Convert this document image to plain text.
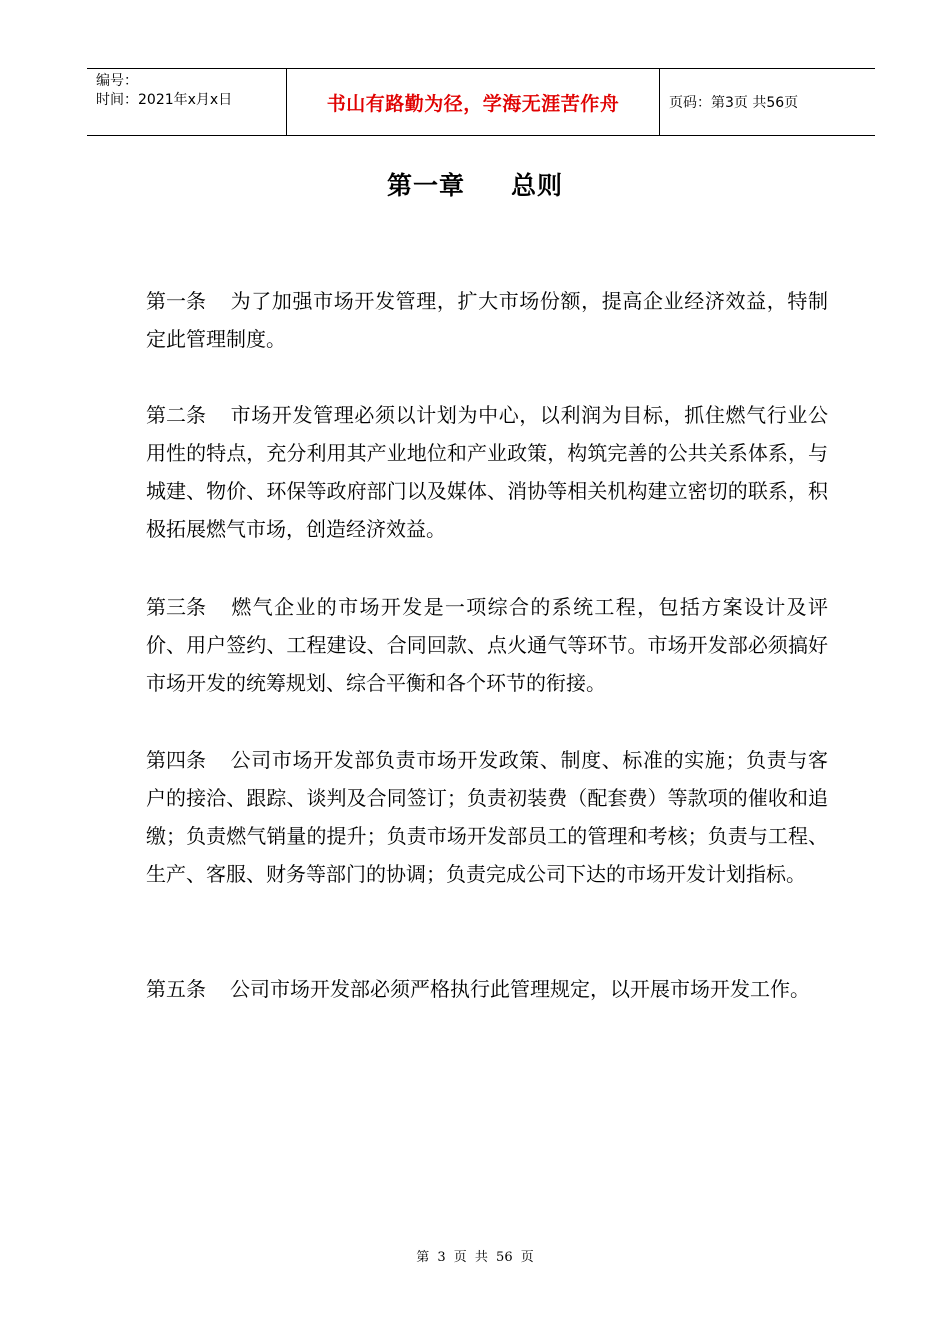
编号：
时间：2021年x月x日	书山有路勤为径，学海无涯苦作舟	页码：第3页 共56页
第一章 总则
第一条 为了加强市场开发管理，扩大市场份额，提高企业经济效益，特制定此管理制度。
第二条 市场开发管理必须以计划为中心，以利润为目标，抓住燃气行业公用性的特点，充分利用其产业地位和产业政策，构筑完善的公共关系体系，与城建、物价、环保等政府部门以及媒体、消协等相关机构建立密切的联系，积极拓展燃气市场，创造经济效益。
第三条 燃气企业的市场开发是一项综合的系统工程，包括方案设计及评价、用户签约、工程建设、合同回款、点火通气等环节。市场开发部必须搞好市场开发的统筹规划、综合平衡和各个环节的衔接。
第四条 公司市场开发部负责市场开发政策、制度、标准的实施；负责与客户的接洽、跟踪、谈判及合同签订；负责初装费（配套费）等款项的催收和追缴；负责燃气销量的提升；负责市场开发部员工的管理和考核；负责与工程、生产、客服、财务等部门的协调；负责完成公司下达的市场开发计划指标。
第五条 公司市场开发部必须严格执行此管理规定，以开展市场开发工作。
第 3 页 共 56 页
